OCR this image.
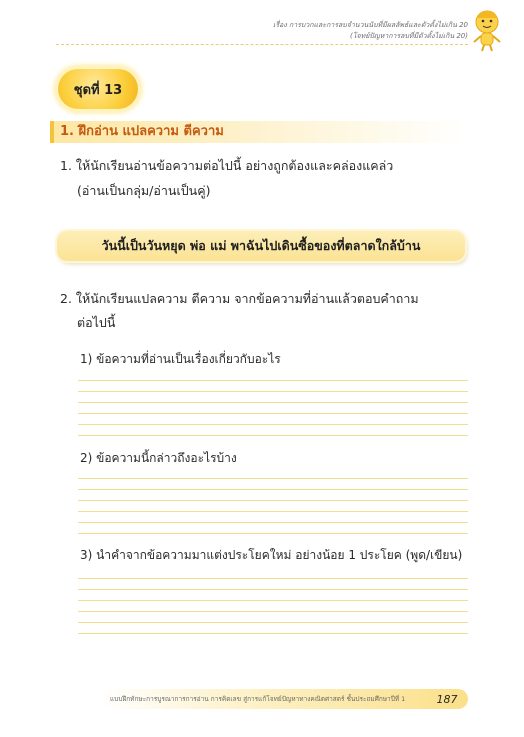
เรื่อง การบวกและการลบจำนวนนับที่มีผลลัพธ์และตัวตั้งไม่เกิน 20
(โจทย์ปัญหาการลบที่มีตัวตั้งไม่เกิน 20)
ชุดที่ 13
1. ฝึกอ่าน แปลความ ตีความ
1. ให้นักเรียนอ่านข้อความต่อไปนี้ อย่างถูกต้องและคล่องแคล่ว
(อ่านเป็นกลุ่ม/อ่านเป็นคู่)
วันนี้เป็นวันหยุด พ่อ แม่ พาฉันไปเดินซื้อของที่ตลาดใกล้บ้าน
2. ให้นักเรียนแปลความ ตีความ จากข้อความที่อ่านแล้วตอบคำถาม
ต่อไปนี้
1) ข้อความที่อ่านเป็นเรื่องเกี่ยวกับอะไร
2) ข้อความนี้กล่าวถึงอะไรบ้าง
3) นำคำจากข้อความมาแต่งประโยคใหม่ อย่างน้อย 1 ประโยค (พูด/เขียน)
แบบฝึกทักษะการบูรณาการการอ่าน การคิดเลข สู่การแก้โจทย์ปัญหาทางคณิตศาสตร์ ชั้นประถมศึกษาปีที่ 1	187
